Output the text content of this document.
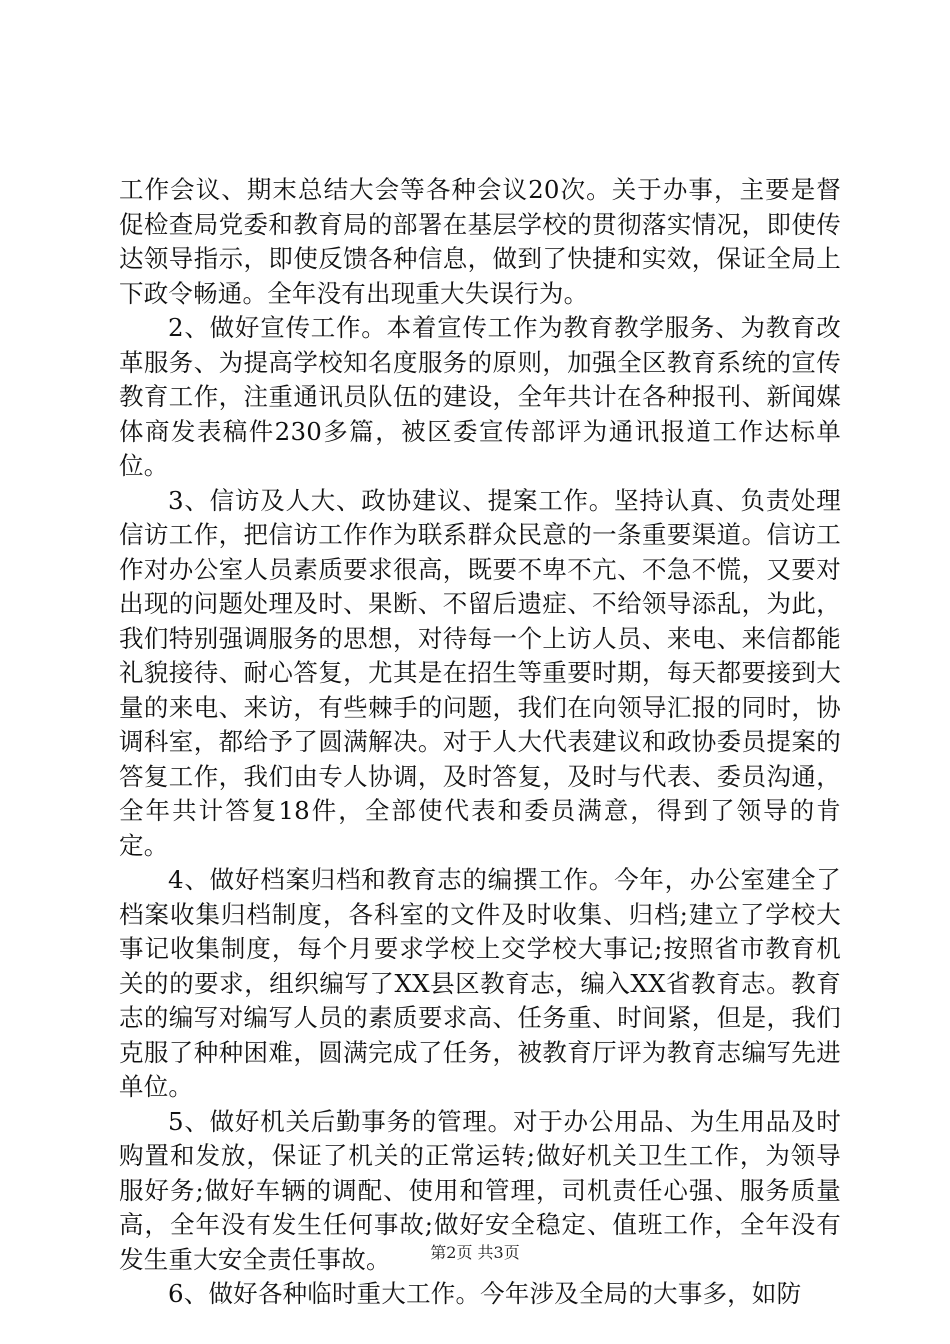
工作会议、期末总结大会等各种会议20次。关于办事，主要是督促检查局党委和教育局的部署在基层学校的贯彻落实情况，即使传达领导指示，即使反馈各种信息，做到了快捷和实效，保证全局上下政令畅通。全年没有出现重大失误行为。

2、做好宣传工作。本着宣传工作为教育教学服务、为教育改革服务、为提高学校知名度服务的原则，加强全区教育系统的宣传教育工作，注重通讯员队伍的建设，全年共计在各种报刊、新闻媒体商发表稿件230多篇，被区委宣传部评为通讯报道工作达标单位。

3、信访及人大、政协建议、提案工作。坚持认真、负责处理信访工作，把信访工作作为联系群众民意的一条重要渠道。信访工作对办公室人员素质要求很高，既要不卑不亢、不急不慌，又要对出现的问题处理及时、果断、不留后遗症、不给领导添乱，为此，我们特别强调服务的思想，对待每一个上访人员、来电、来信都能礼貌接待、耐心答复，尤其是在招生等重要时期，每天都要接到大量的来电、来访，有些棘手的问题，我们在向领导汇报的同时，协调科室，都给予了圆满解决。对于人大代表建议和政协委员提案的答复工作，我们由专人协调，及时答复，及时与代表、委员沟通，全年共计答复18件，全部使代表和委员满意，得到了领导的肯定。

4、做好档案归档和教育志的编撰工作。今年，办公室建全了档案收集归档制度，各科室的文件及时收集、归档;建立了学校大事记收集制度，每个月要求学校上交学校大事记;按照省市教育机关的的要求，组织编写了XX县区教育志，编入XX省教育志。教育志的编写对编写人员的素质要求高、任务重、时间紧，但是，我们克服了种种困难，圆满完成了任务，被教育厅评为教育志编写先进单位。

5、做好机关后勤事务的管理。对于办公用品、为生用品及时购置和发放，保证了机关的正常运转;做好机关卫生工作，为领导服好务;做好车辆的调配、使用和管理，司机责任心强、服务质量高，全年没有发生任何事故;做好安全稳定、值班工作，全年没有发生重大安全责任事故。

6、做好各种临时重大工作。今年涉及全局的大事多，如防

第2页 共3页
